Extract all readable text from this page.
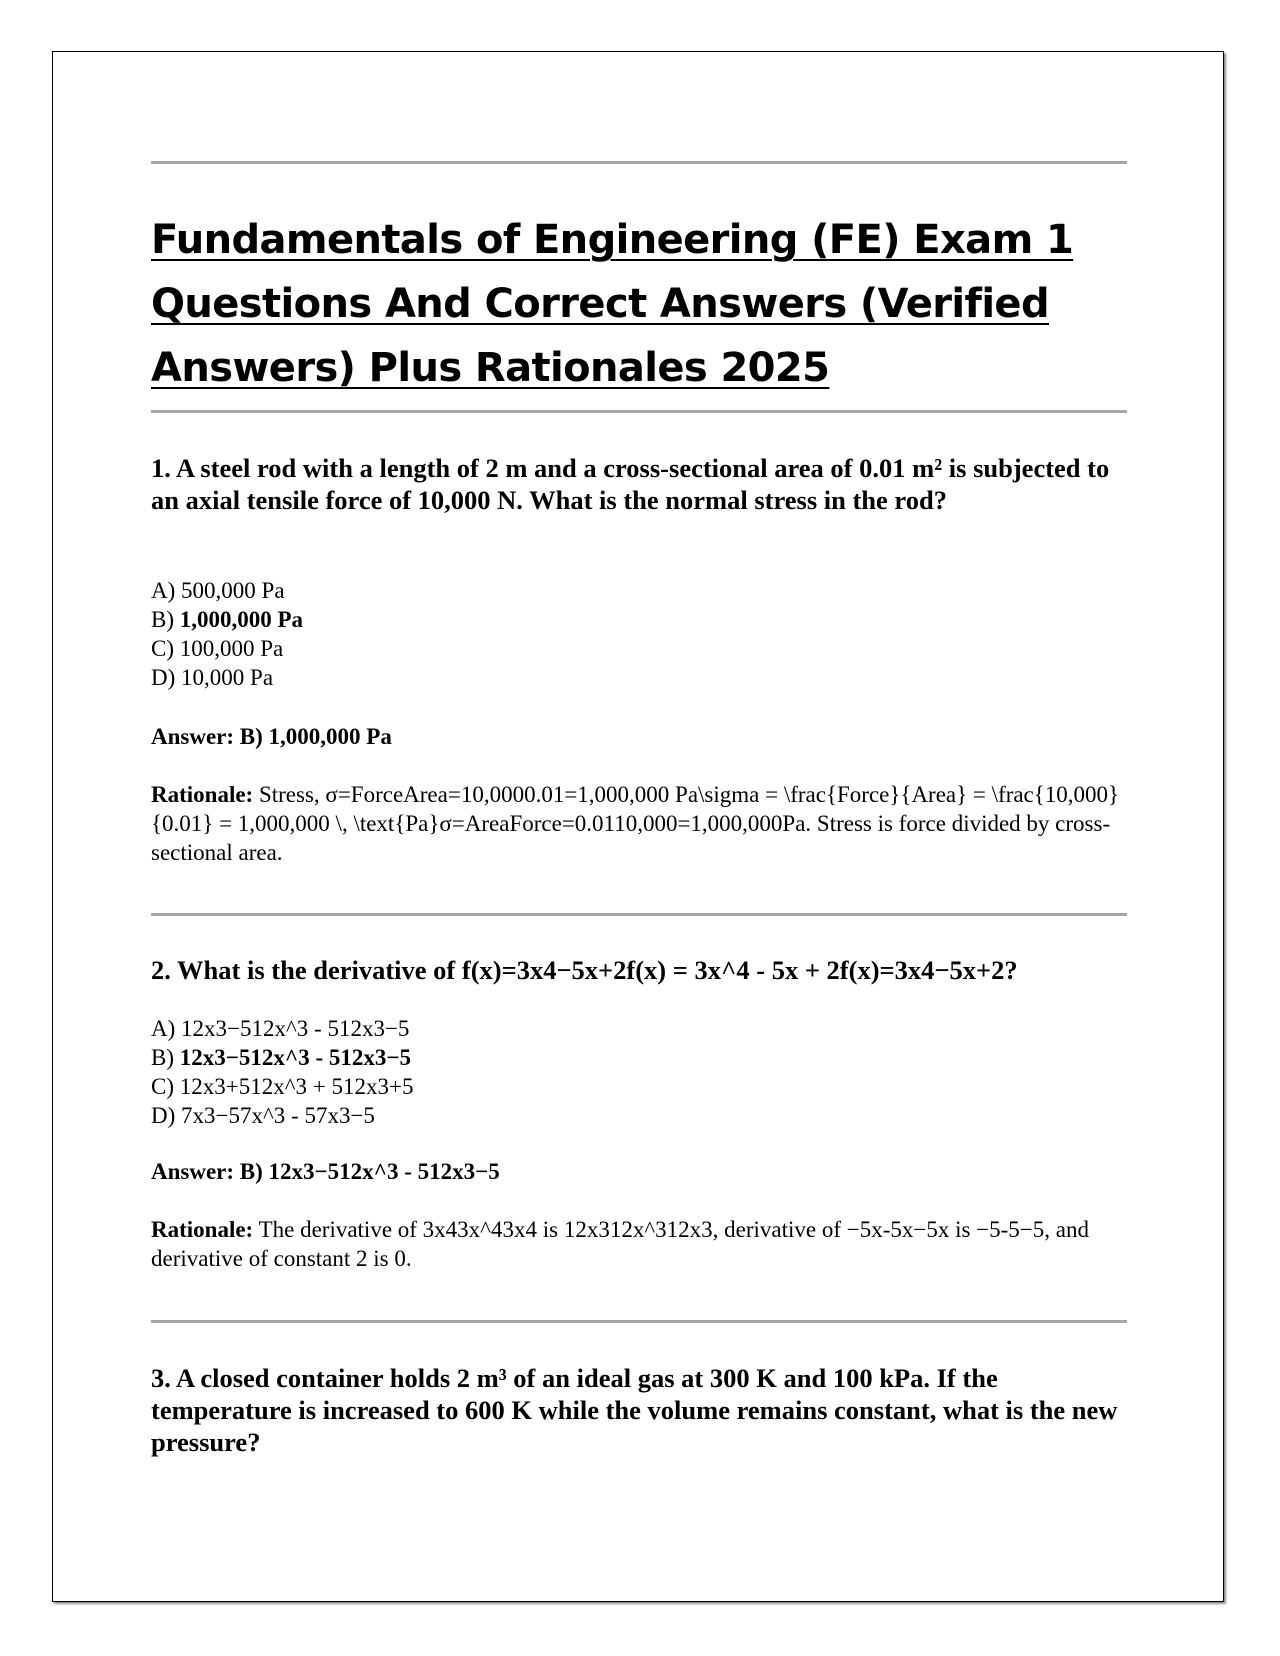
Fundamentals of Engineering (FE) Exam 1 Questions And Correct Answers (Verified Answers) Plus Rationales 2025

1. A steel rod with a length of 2 m and a cross-sectional area of 0.01 m² is subjected to an axial tensile force of 10,000 N. What is the normal stress in the rod?

A) 500,000 Pa
B) 1,000,000 Pa
C) 100,000 Pa
D) 10,000 Pa

Answer: B) 1,000,000 Pa

Rationale: Stress, σ=ForceArea=10,0000.01=1,000,000 Pa\sigma = \frac{Force}{Area} = \frac{10,000}{0.01} = 1,000,000 \, \text{Pa}σ=AreaForce=0.0110,000=1,000,000Pa. Stress is force divided by cross-sectional area.

2. What is the derivative of f(x)=3x4−5x+2f(x) = 3x^4 - 5x + 2f(x)=3x4−5x+2?

A) 12x3−512x^3 - 512x3−5
B) 12x3−512x^3 - 512x3−5
C) 12x3+512x^3 + 512x3+5
D) 7x3−57x^3 - 57x3−5

Answer: B) 12x3−512x^3 - 512x3−5

Rationale: The derivative of 3x43x^43x4 is 12x312x^312x3, derivative of −5x-5x−5x is −5-5−5, and derivative of constant 2 is 0.

3. A closed container holds 2 m³ of an ideal gas at 300 K and 100 kPa. If the temperature is increased to 600 K while the volume remains constant, what is the new pressure?
